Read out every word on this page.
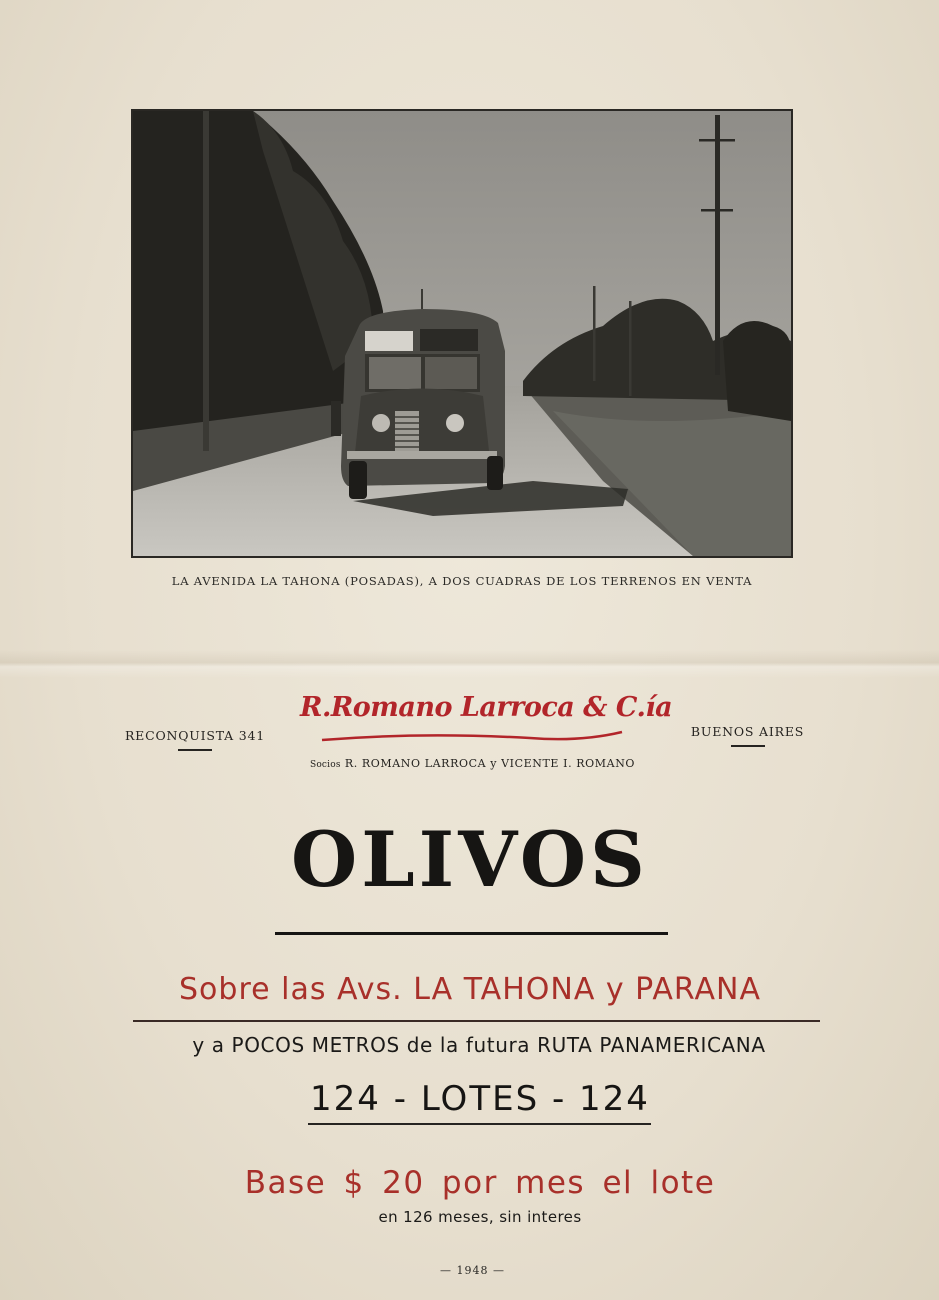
LA AVENIDA LA TAHONA (POSADAS), A DOS CUADRAS DE LOS TERRENOS EN VENTA
RECONQUISTA 341
R.Romano Larroca & C.ía
BUENOS AIRES
Socios R. ROMANO LARROCA y VICENTE I. ROMANO
OLIVOS
Sobre las Avs. LA TAHONA y PARANA
y a POCOS METROS de la futura RUTA PANAMERICANA
124 - LOTES - 124
Base $ 20 por mes el lote
en 126 meses, sin interes
— 1948 —
